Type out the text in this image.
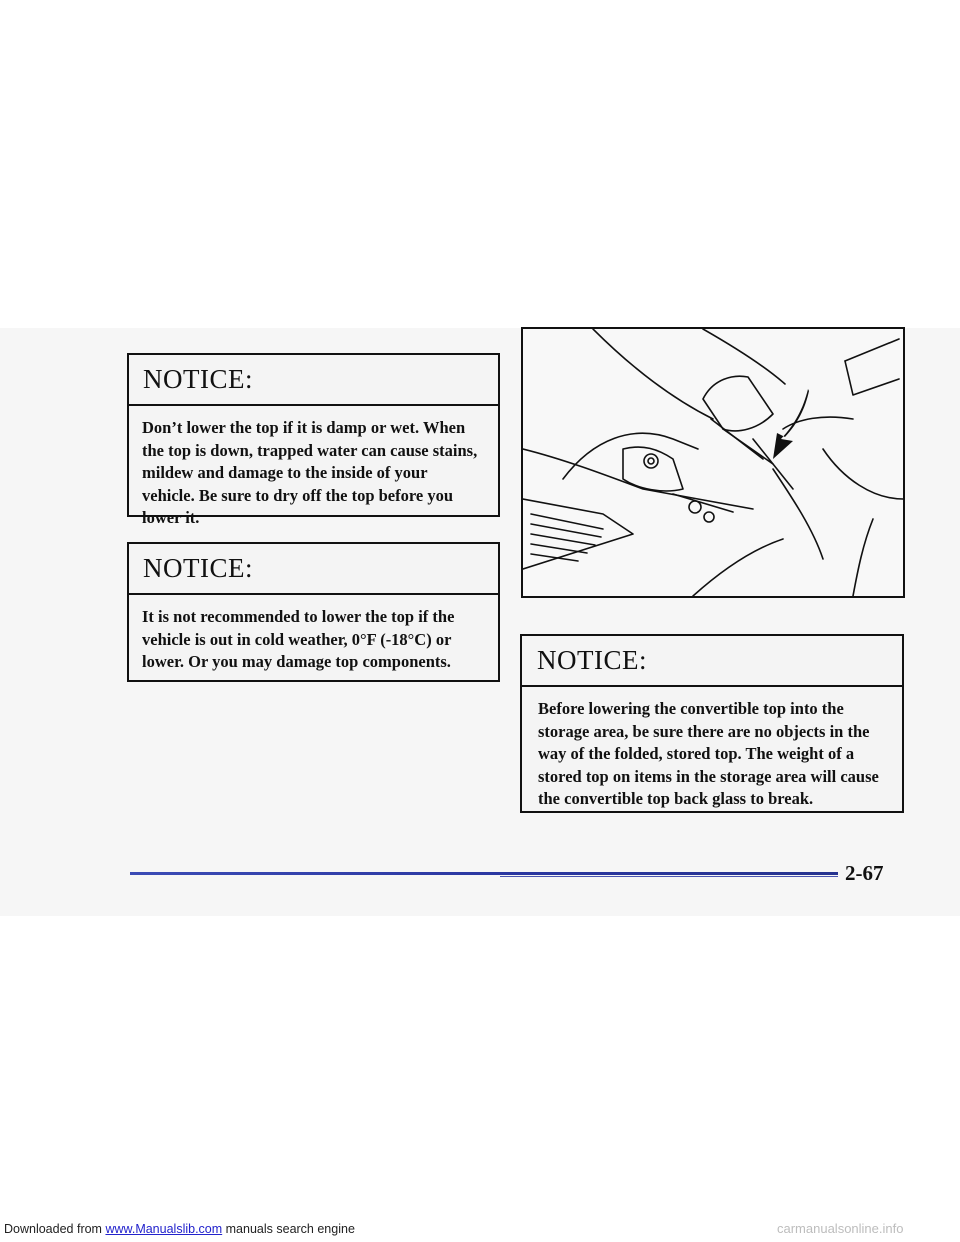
NOTICE:
Don’t lower the top if it is damp or wet. When the top is down, trapped water can cause stains, mildew and damage to the inside of your vehicle. Be sure to dry off the top before you lower it.
NOTICE:
It is not recommended to lower the top if the vehicle is out in cold weather, 0°F (-18°C) or lower. Or you may damage top components.	NOTICE:
Before lowering the convertible top into the storage area, be sure there are no objects in the way of the folded, stored top. The weight of a stored top on items in the storage area will cause the convertible top back glass to break.
2-67
Downloaded from www.Manualslib.com manuals search engine	carmanualsonline.info
